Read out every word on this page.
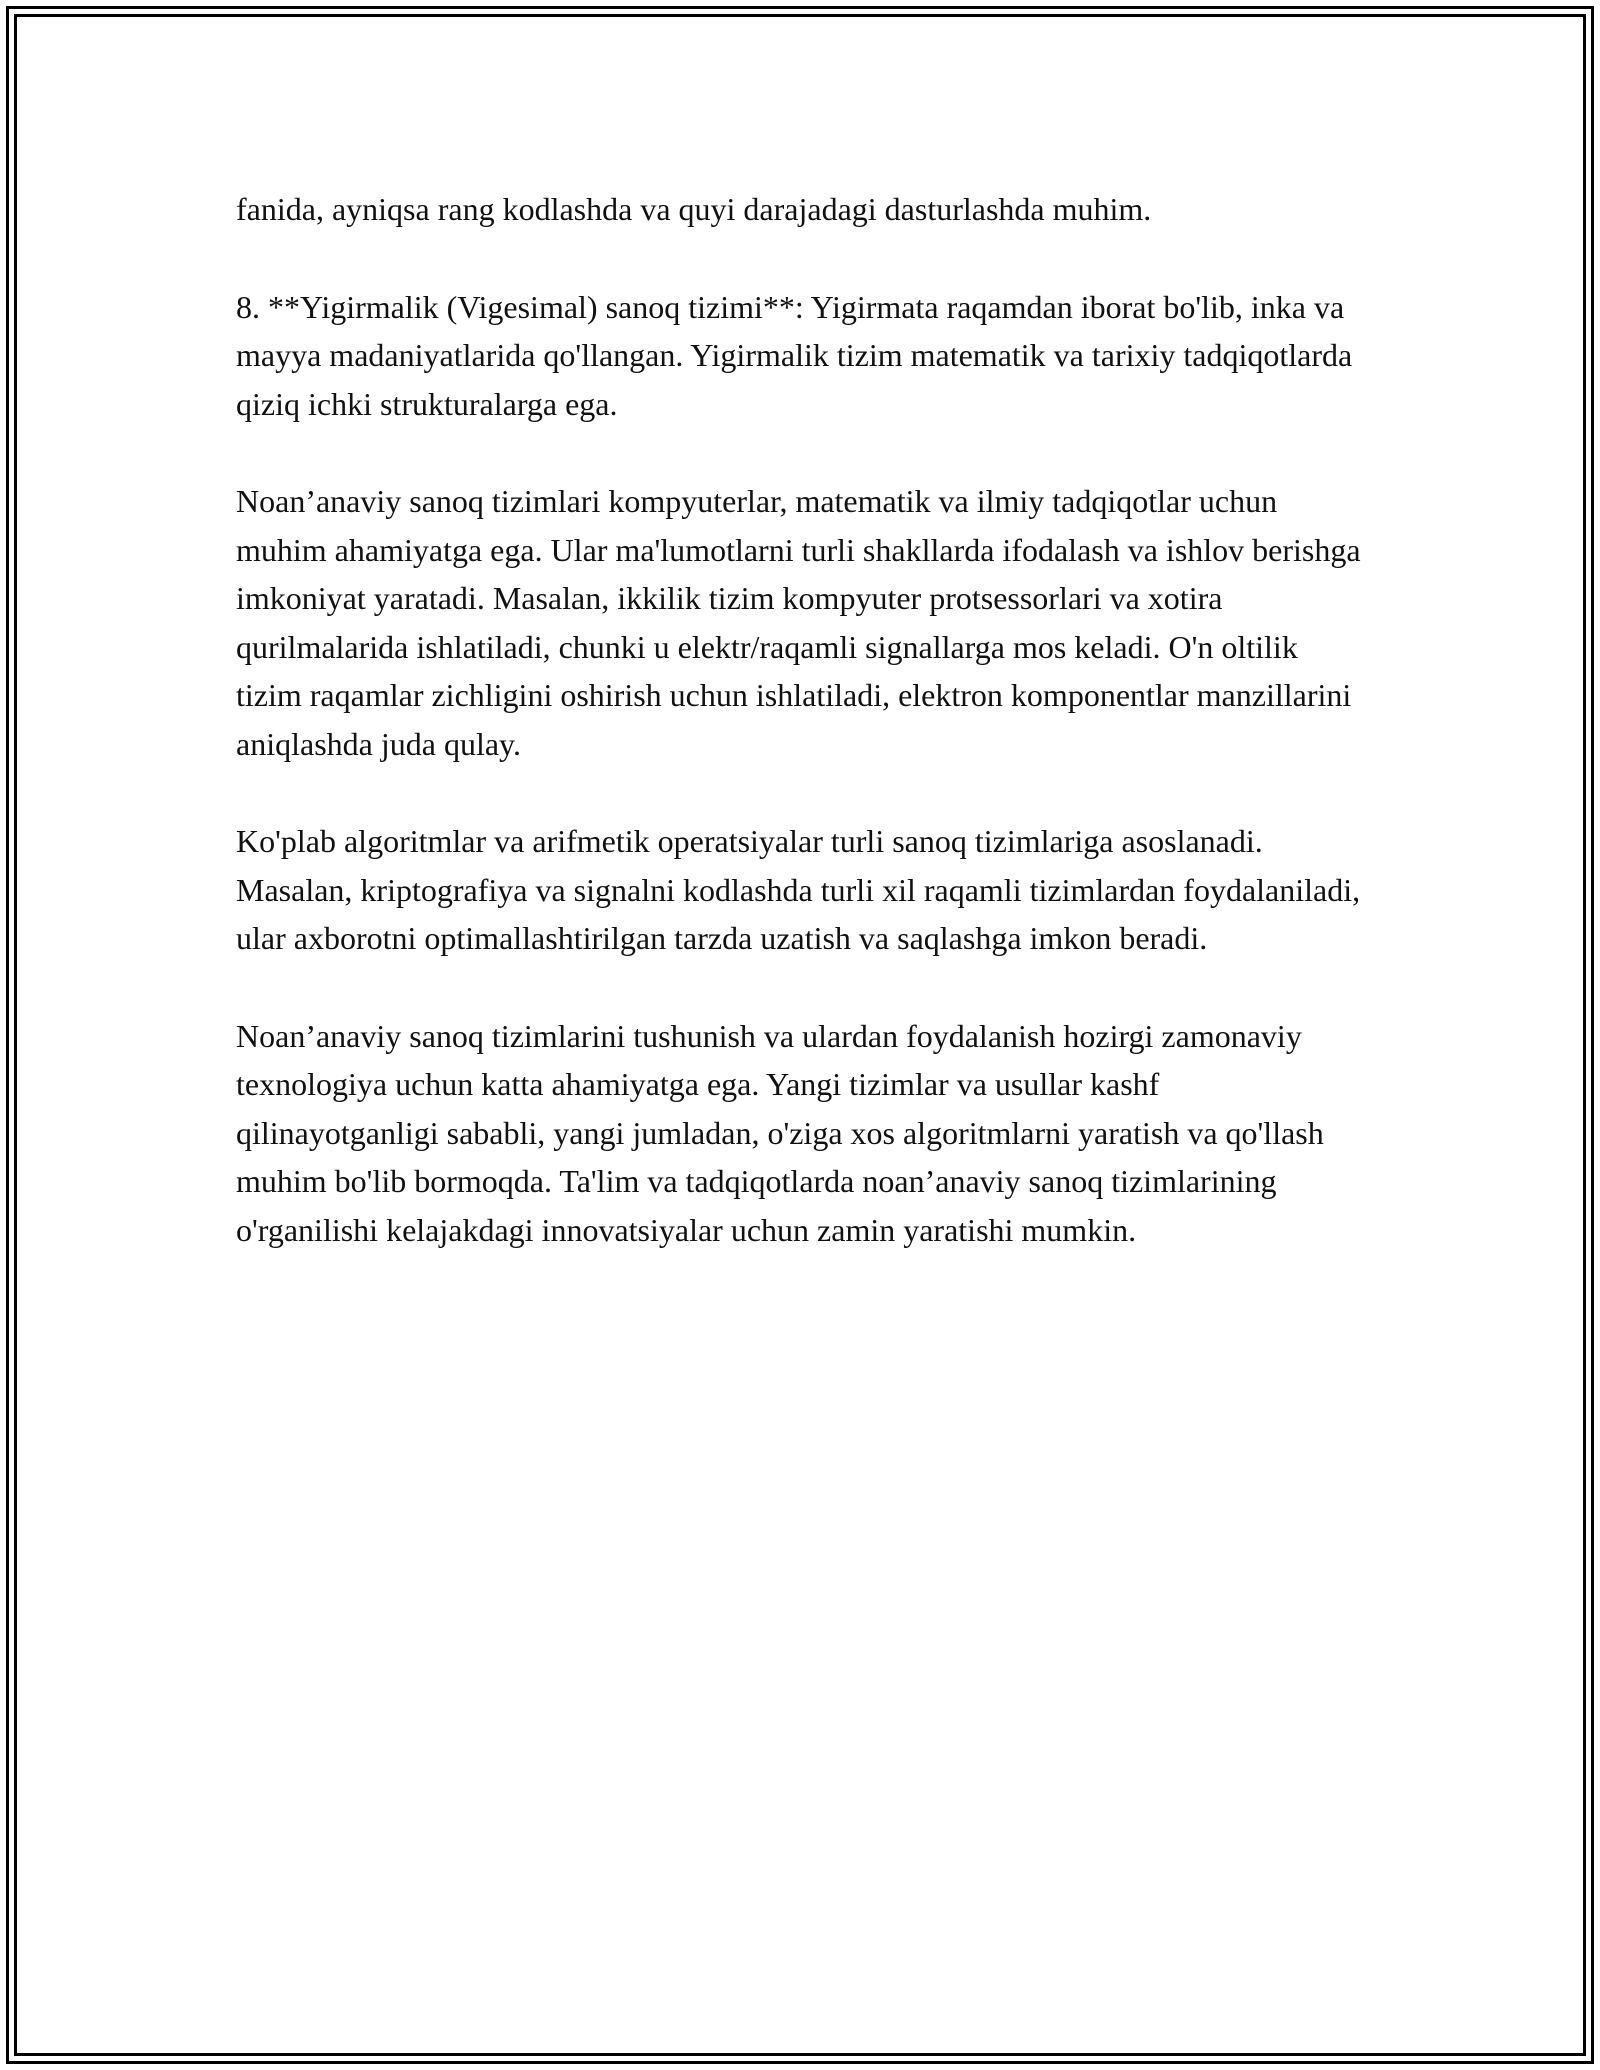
fanida, ayniqsa rang kodlashda va quyi darajadagi dasturlashda muhim.

8. **Yigirmalik (Vigesimal) sanoq tizimi**: Yigirmata raqamdan iborat bo'lib, inka va mayya madaniyatlarida qo'llangan. Yigirmalik tizim matematik va tarixiy tadqiqotlarda qiziq ichki strukturalarga ega.

Noan’anaviy sanoq tizimlari kompyuterlar, matematik va ilmiy tadqiqotlar uchun muhim ahamiyatga ega. Ular ma'lumotlarni turli shakllarda ifodalash va ishlov berishga imkoniyat yaratadi. Masalan, ikkilik tizim kompyuter protsessorlari va xotira qurilmalarida ishlatiladi, chunki u elektr/raqamli signallarga mos keladi. O'n oltilik tizim raqamlar zichligini oshirish uchun ishlatiladi, elektron komponentlar manzillarini aniqlashda juda qulay.

Ko'plab algoritmlar va arifmetik operatsiyalar turli sanoq tizimlariga asoslanadi. Masalan, kriptografiya va signalni kodlashda turli xil raqamli tizimlardan foydalaniladi, ular axborotni optimallashtirilgan tarzda uzatish va saqlashga imkon beradi.

Noan’anaviy sanoq tizimlarini tushunish va ulardan foydalanish hozirgi zamonaviy texnologiya uchun katta ahamiyatga ega. Yangi tizimlar va usullar kashf qilinayotganligi sababli, yangi jumladan, o'ziga xos algoritmlarni yaratish va qo'llash muhim bo'lib bormoqda. Ta'lim va tadqiqotlarda noan’anaviy sanoq tizimlarining o'rganilishi kelajakdagi innovatsiyalar uchun zamin yaratishi mumkin.
